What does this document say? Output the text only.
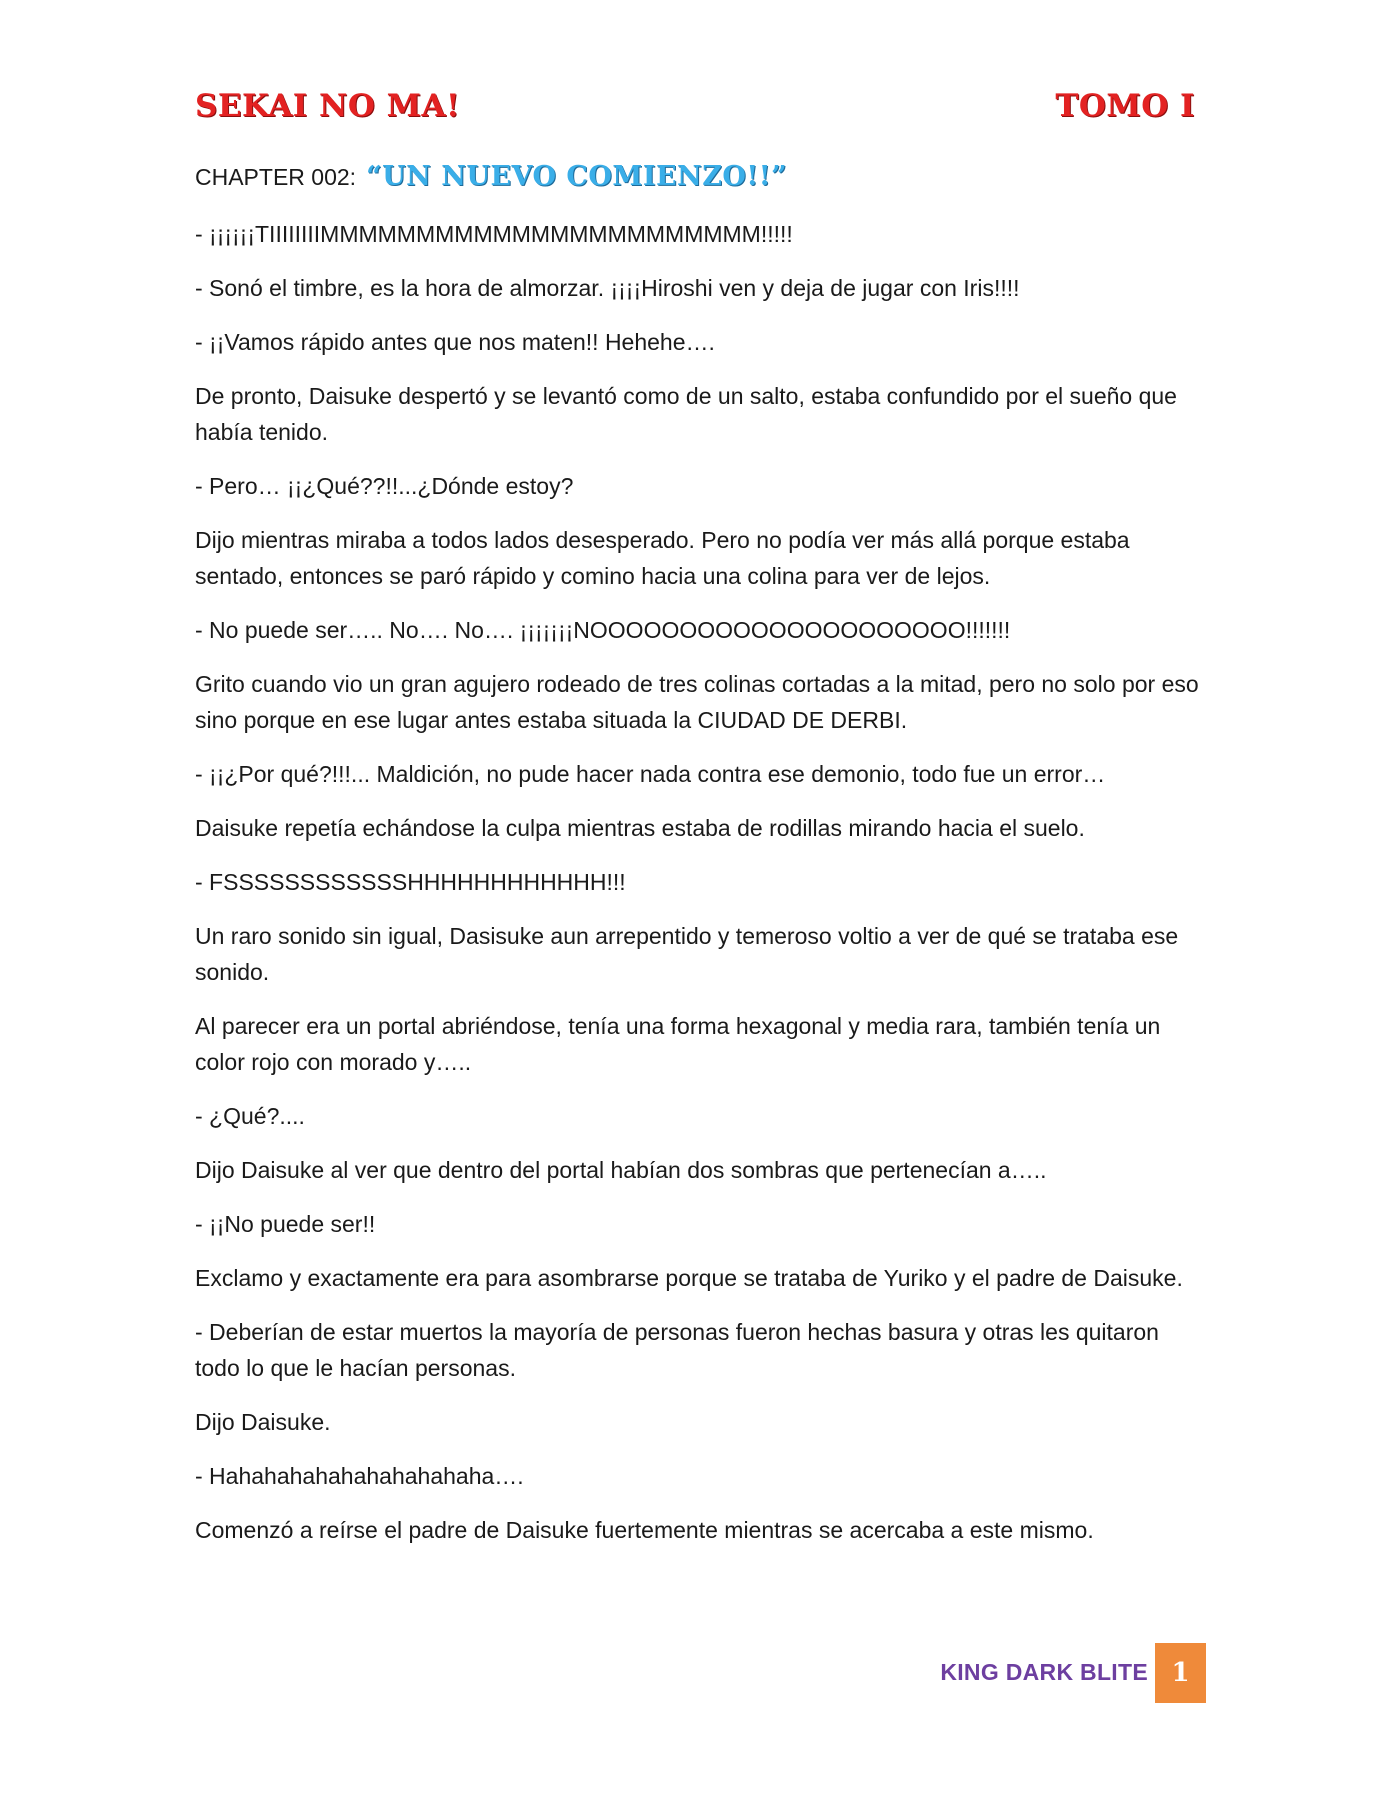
SEKAI NO MA!	TOMO I

CHAPTER 002: “UN NUEVO COMIENZO!!”

- ¡¡¡¡¡¡TIIIIIIIIMMMMMMMMMMMMMMMMMMMMMMM!!!!!

- Sonó el timbre, es la hora de almorzar. ¡¡¡¡Hiroshi ven y deja de jugar con Iris!!!!

- ¡¡Vamos rápido antes que nos maten!! Hehehe….

De pronto, Daisuke despertó y se levantó como de un salto, estaba confundido por el sueño que había tenido.

- Pero… ¡¡¿Qué??!!...¿Dónde estoy?

Dijo mientras miraba a todos lados desesperado. Pero no podía ver más allá porque estaba sentado, entonces se paró rápido y comino hacia una colina para ver de lejos.

- No puede ser….. No…. No…. ¡¡¡¡¡¡¡NOOOOOOOOOOOOOOOOOOOOO!!!!!!!

Grito cuando vio un gran agujero rodeado de tres colinas cortadas a la mitad, pero no solo por eso sino porque en ese lugar antes estaba situada la CIUDAD DE DERBI.

- ¡¡¿Por qué?!!!... Maldición, no pude hacer nada contra ese demonio, todo fue un error…

Daisuke repetía echándose la culpa mientras estaba de rodillas mirando hacia el suelo.

- FSSSSSSSSSSSSHHHHHHHHHHHH!!!

Un raro sonido sin igual, Dasisuke aun arrepentido y temeroso voltio a ver de qué se trataba ese sonido.

Al parecer era un portal abriéndose, tenía una forma hexagonal y media rara, también tenía un color rojo con morado y…..

- ¿Qué?....

Dijo Daisuke al ver que dentro del portal habían dos sombras que pertenecían a…..

- ¡¡No puede ser!!

Exclamo y exactamente era para asombrarse porque se trataba de Yuriko y el padre de Daisuke.

- Deberían de estar muertos la mayoría de personas fueron hechas basura y otras les quitaron todo lo que le hacían personas.

Dijo Daisuke.

- Hahahahahahahahahahaha….

Comenzó a reírse el padre de Daisuke fuertemente mientras se acercaba a este mismo.

KING DARK BLITE 1
